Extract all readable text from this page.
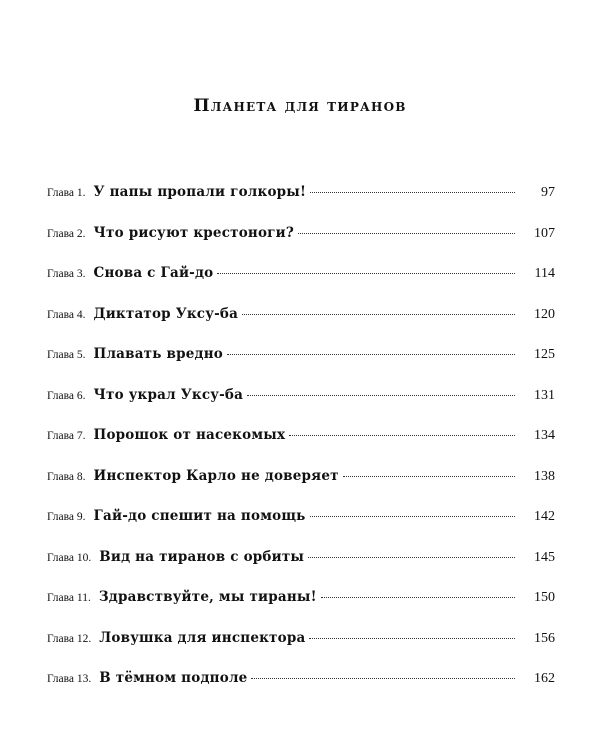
Планета для тиранов
Глава 1. У папы пропали голкоры!	97
Глава 2. Что рисуют крестоноги?	107
Глава 3. Снова с Гай-до	114
Глава 4. Диктатор Уксу-ба	120
Глава 5. Плавать вредно	125
Глава 6. Что украл Уксу-ба	131
Глава 7. Порошок от насекомых	134
Глава 8. Инспектор Карло не доверяет	138
Глава 9. Гай-до спешит на помощь	142
Глава 10. Вид на тиранов с орбиты	145
Глава 11. Здравствуйте, мы тираны!	150
Глава 12. Ловушка для инспектора	156
Глава 13. В тёмном подполе	162
